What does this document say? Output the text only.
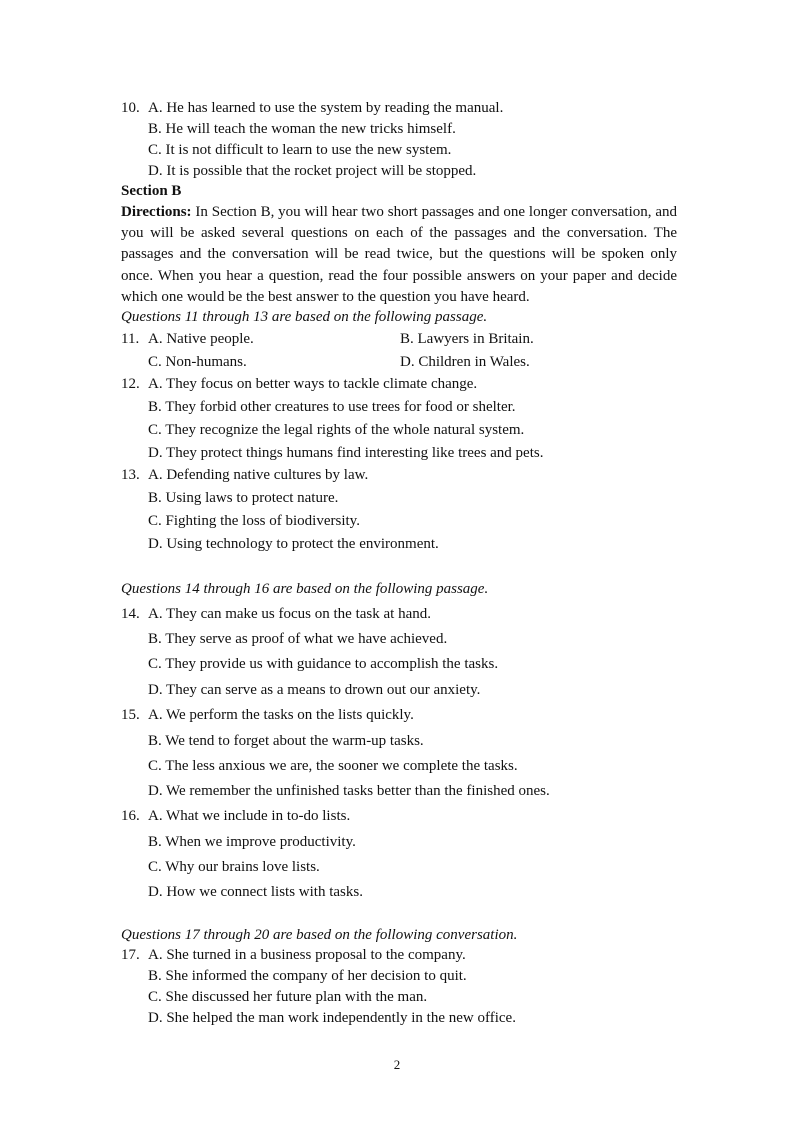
10. A. He has learned to use the system by reading the manual.
B. He will teach the woman the new tricks himself.
C. It is not difficult to learn to use the new system.
D. It is possible that the rocket project will be stopped.
Section B

Directions: In Section B, you will hear two short passages and one longer conversation, and you will be asked several questions on each of the passages and the conversation. The passages and the conversation will be read twice, but the questions will be spoken only once. When you hear a question, read the four possible answers on your paper and decide which one would be the best answer to the question you have heard.

Questions 11 through 13 are based on the following passage.
11. A. Native people.	B. Lawyers in Britain.
C. Non-humans.	D. Children in Wales.
12. A. They focus on better ways to tackle climate change.
B. They forbid other creatures to use trees for food or shelter.
C. They recognize the legal rights of the whole natural system.
D. They protect things humans find interesting like trees and pets.
13. A. Defending native cultures by law.
B. Using laws to protect nature.
C. Fighting the loss of biodiversity.
D. Using technology to protect the environment.
Questions 14 through 16 are based on the following passage.
14. A. They can make us focus on the task at hand.
B. They serve as proof of what we have achieved.
C. They provide us with guidance to accomplish the tasks.
D. They can serve as a means to drown out our anxiety.
15. A. We perform the tasks on the lists quickly.
B. We tend to forget about the warm-up tasks.
C. The less anxious we are, the sooner we complete the tasks.
D. We remember the unfinished tasks better than the finished ones.
16. A. What we include in to-do lists.
B. When we improve productivity.
C. Why our brains love lists.
D. How we connect lists with tasks.
Questions 17 through 20 are based on the following conversation.
17. A. She turned in a business proposal to the company.
B. She informed the company of her decision to quit.
C. She discussed her future plan with the man.
D. She helped the man work independently in the new office.
2
